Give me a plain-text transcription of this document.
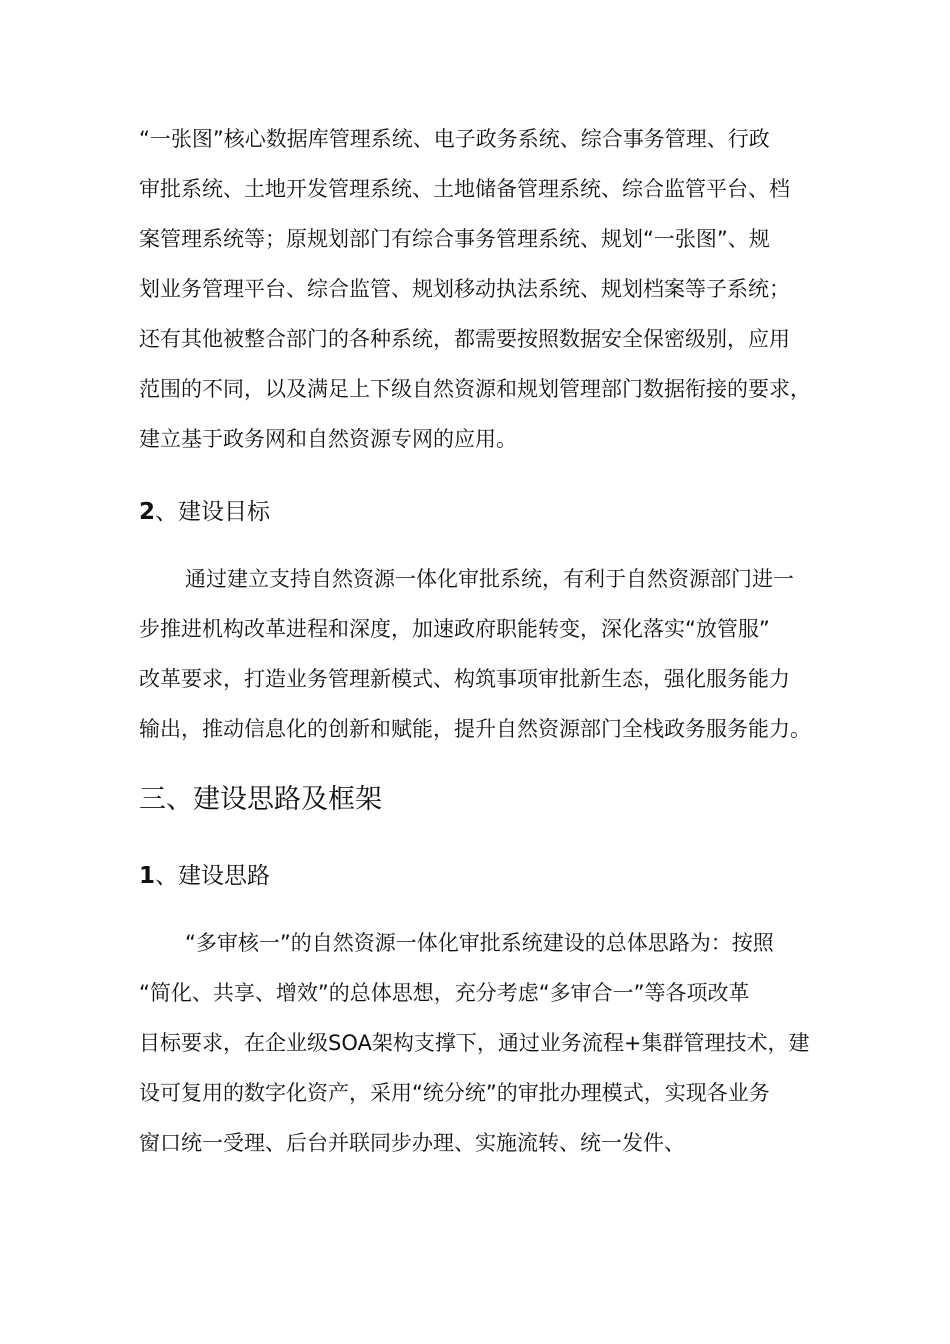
“一张图”核心数据库管理系统、电子政务系统、综合事务管理、行政
审批系统、土地开发管理系统、土地储备管理系统、综合监管平台、档
案管理系统等；原规划部门有综合事务管理系统、规划“一张图”、规
划业务管理平台、综合监管、规划移动执法系统、规划档案等子系统；
还有其他被整合部门的各种系统，都需要按照数据安全保密级别，应用
范围的不同，以及满足上下级自然资源和规划管理部门数据衔接的要求，
建立基于政务网和自然资源专网的应用。
2、建设目标
通过建立支持自然资源一体化审批系统，有利于自然资源部门进一
步推进机构改革进程和深度，加速政府职能转变，深化落实“放管服”
改革要求，打造业务管理新模式、构筑事项审批新生态，强化服务能力
输出，推动信息化的创新和赋能，提升自然资源部门全栈政务服务能力。
三、建设思路及框架
1、建设思路
“多审核一”的自然资源一体化审批系统建设的总体思路为：按照
“简化、共享、增效”的总体思想，充分考虑“多审合一”等各项改革
目标要求，在企业级SOA架构支撑下，通过业务流程+集群管理技术，建
设可复用的数字化资产，采用“统分统”的审批办理模式，实现各业务
窗口统一受理、后台并联同步办理、实施流转、统一发件、
